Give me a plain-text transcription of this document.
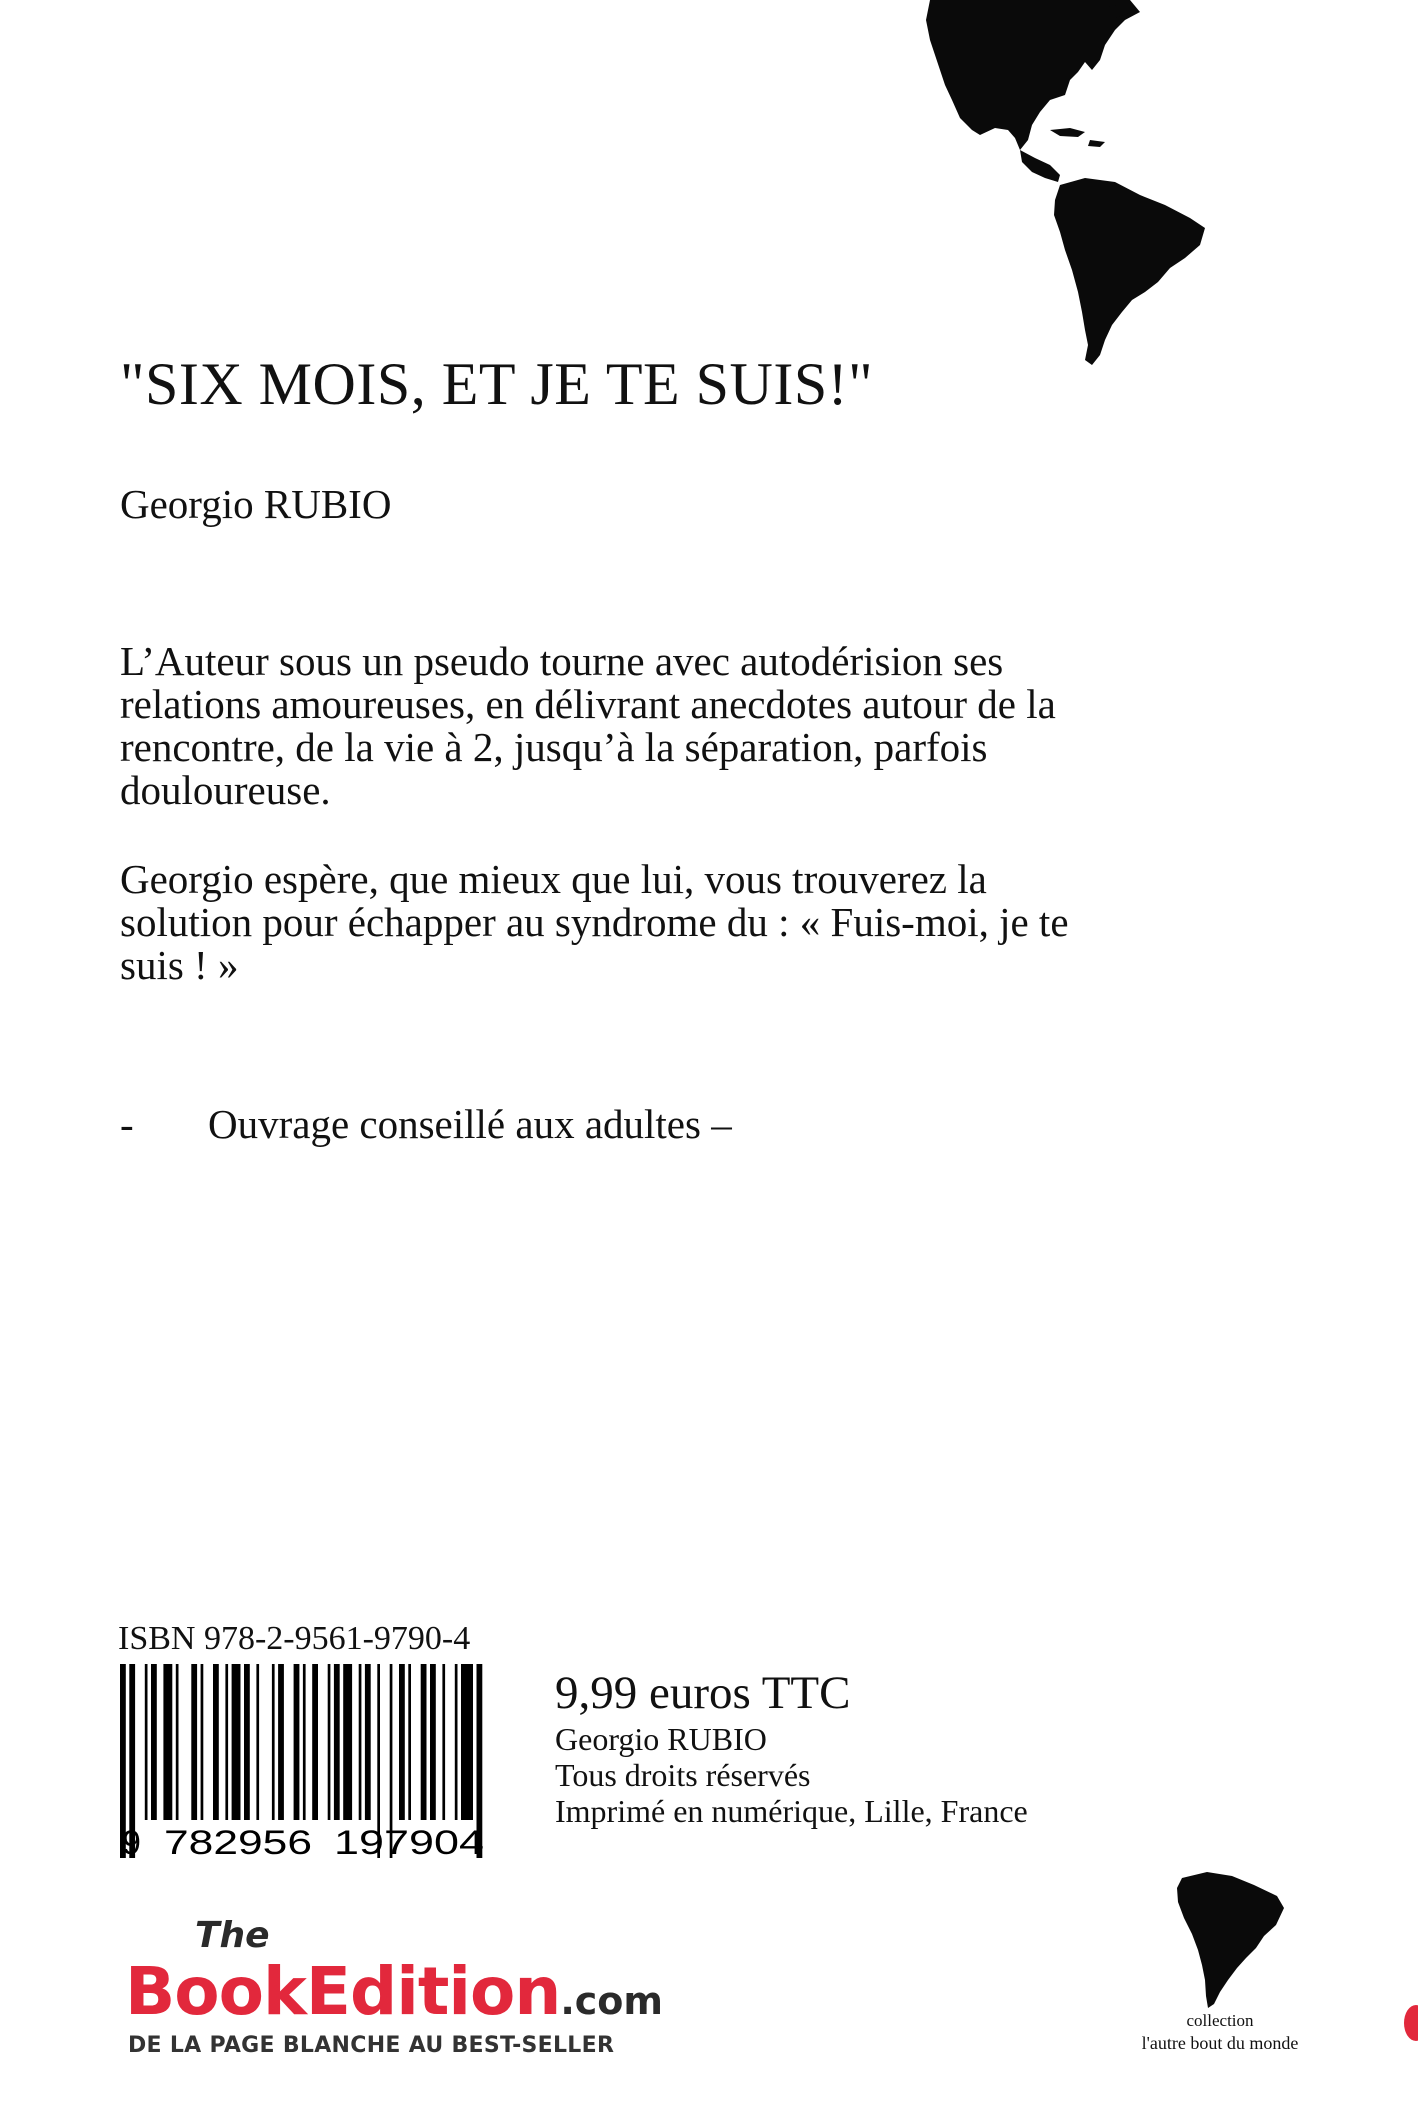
"SIX MOIS, ET JE TE SUIS!"
Georgio RUBIO

L’Auteur sous un pseudo tourne avec autodérision ses relations amoureuses, en délivrant anecdotes autour de la rencontre, de la vie à 2, jusqu’à la séparation, parfois douloureuse.

Georgio espère, que mieux que lui, vous trouverez la solution pour échapper au syndrome du : « Fuis-moi, je te suis ! »

- Ouvrage conseillé aux adultes –
ISBN 978-2-9561-9790-4
9 782956 197904
9,99 euros TTC
Georgio RUBIO
Tous droits réservés
Imprimé en numérique, Lille, France
The
BookEdition.com
DE LA PAGE BLANCHE AU BEST-SELLER
collection
l'autre bout du monde
